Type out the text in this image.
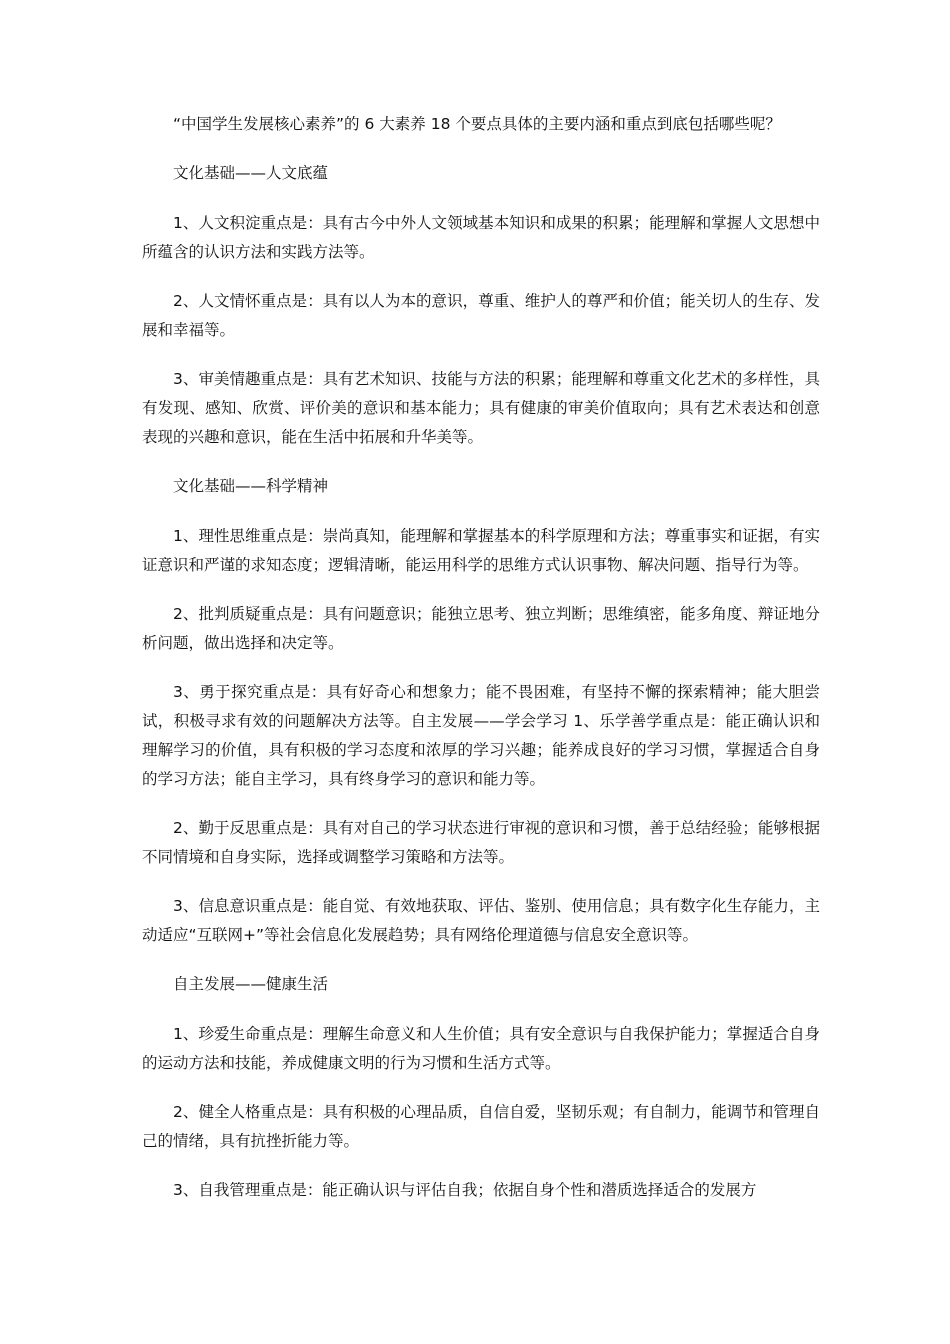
“中国学生发展核心素养”的 6 大素养 18 个要点具体的主要内涵和重点到底包括哪些呢？

文化基础——人文底蕴

1、人文积淀重点是：具有古今中外人文领域基本知识和成果的积累；能理解和掌握人文思想中所蕴含的认识方法和实践方法等。

2、人文情怀重点是：具有以人为本的意识，尊重、维护人的尊严和价值；能关切人的生存、发展和幸福等。

3、审美情趣重点是：具有艺术知识、技能与方法的积累；能理解和尊重文化艺术的多样性，具有发现、感知、欣赏、评价美的意识和基本能力；具有健康的审美价值取向；具有艺术表达和创意表现的兴趣和意识，能在生活中拓展和升华美等。

文化基础——科学精神

1、理性思维重点是：崇尚真知，能理解和掌握基本的科学原理和方法；尊重事实和证据，有实证意识和严谨的求知态度；逻辑清晰，能运用科学的思维方式认识事物、解决问题、指导行为等。

2、批判质疑重点是：具有问题意识；能独立思考、独立判断；思维缜密，能多角度、辩证地分析问题，做出选择和决定等。

3、勇于探究重点是：具有好奇心和想象力；能不畏困难，有坚持不懈的探索精神；能大胆尝试，积极寻求有效的问题解决方法等。自主发展——学会学习 1、乐学善学重点是：能正确认识和理解学习的价值，具有积极的学习态度和浓厚的学习兴趣；能养成良好的学习习惯，掌握适合自身的学习方法；能自主学习，具有终身学习的意识和能力等。

2、勤于反思重点是：具有对自己的学习状态进行审视的意识和习惯，善于总结经验；能够根据不同情境和自身实际，选择或调整学习策略和方法等。

3、信息意识重点是：能自觉、有效地获取、评估、鉴别、使用信息；具有数字化生存能力，主动适应“互联网+”等社会信息化发展趋势；具有网络伦理道德与信息安全意识等。

自主发展——健康生活

1、珍爱生命重点是：理解生命意义和人生价值；具有安全意识与自我保护能力；掌握适合自身的运动方法和技能，养成健康文明的行为习惯和生活方式等。

2、健全人格重点是：具有积极的心理品质，自信自爱，坚韧乐观；有自制力，能调节和管理自己的情绪，具有抗挫折能力等。

3、自我管理重点是：能正确认识与评估自我；依据自身个性和潜质选择适合的发展方
